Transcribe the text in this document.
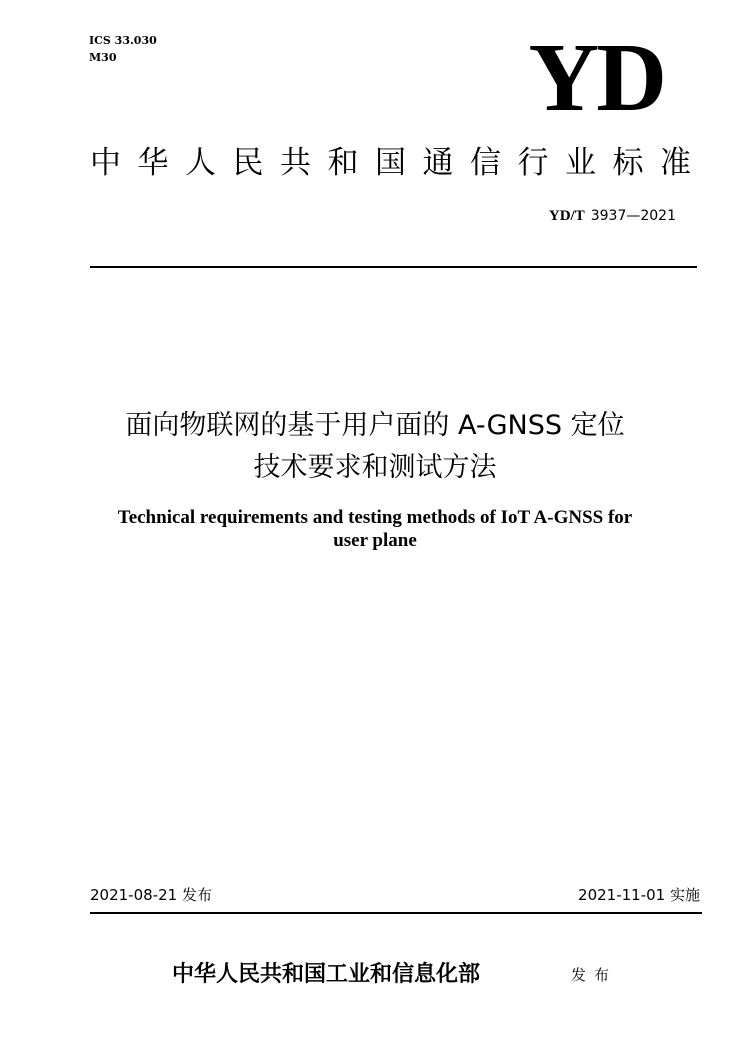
ICS 33.030
M30	YD
中华人民共和国通信行业标准
YD/T 3937—2021
面向物联网的基于用户面的 A-GNSS 定位
技术要求和测试方法
Technical requirements and testing methods of IoT A-GNSS for
user plane
2021-08-21 发布	2021-11-01 实施
中华人民共和国工业和信息化部	发布
